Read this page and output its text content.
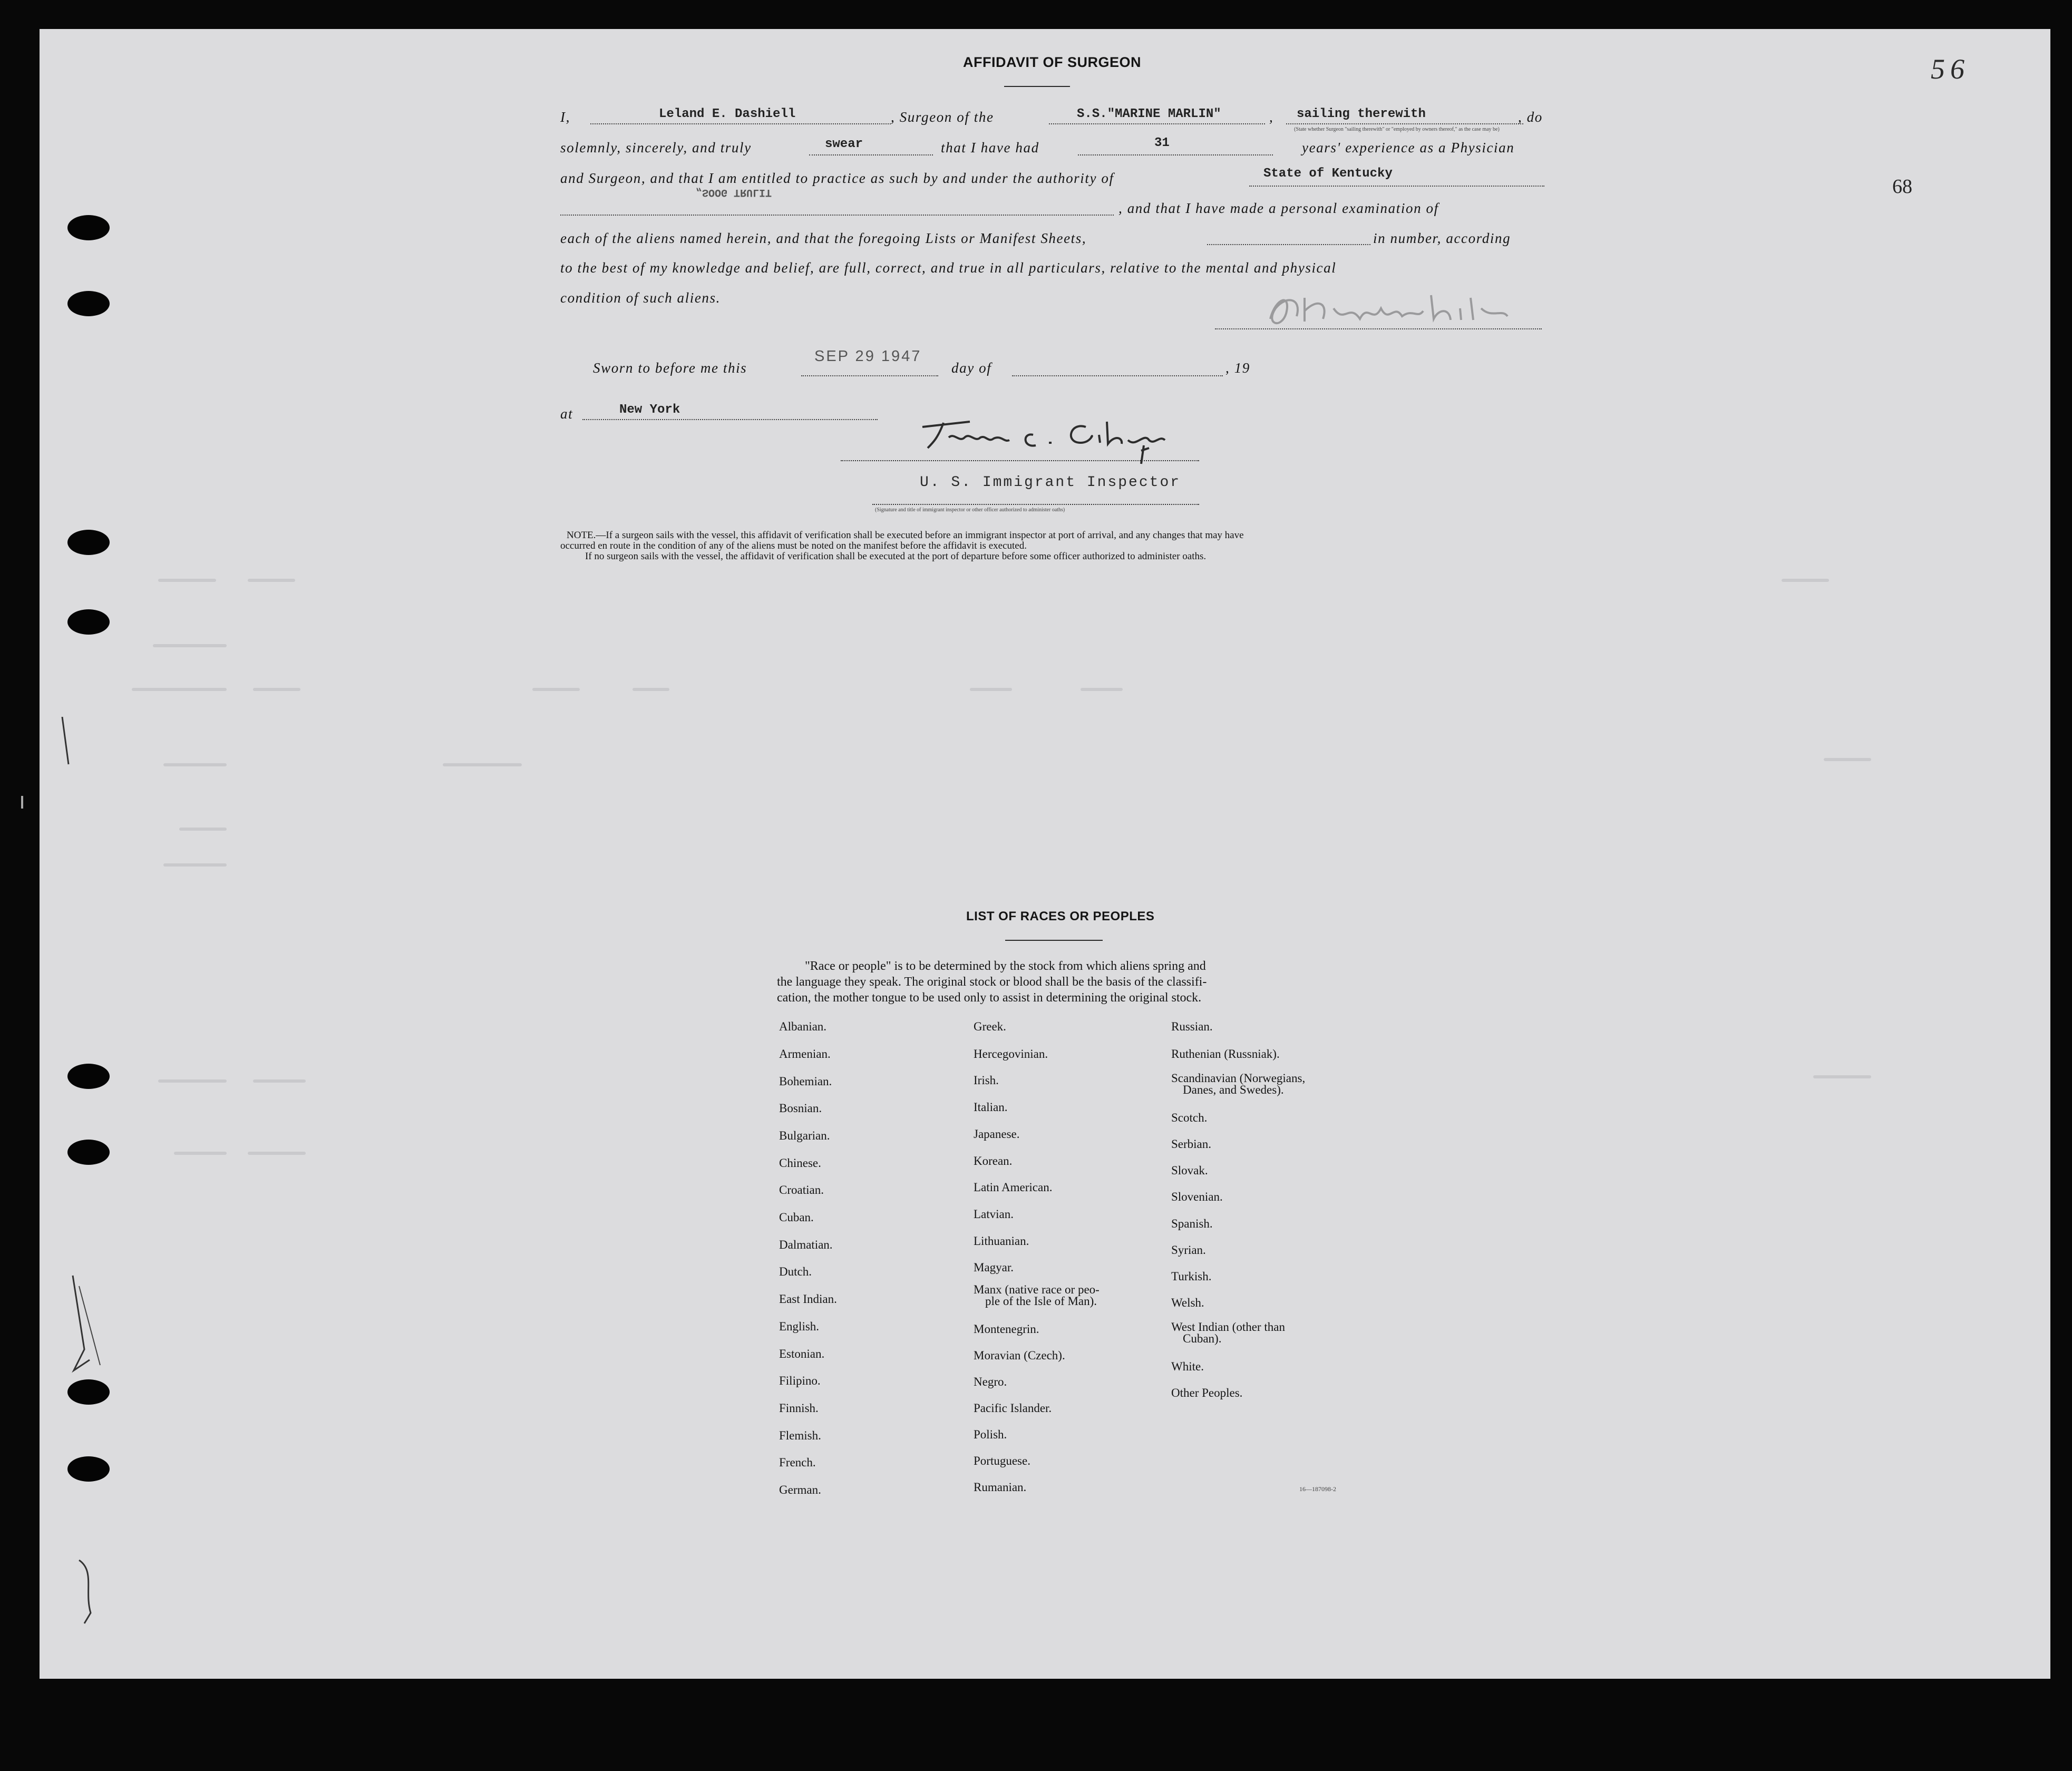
AFFIDAVIT OF SURGEON	56
68
I,	Leland E. Dashiell	, Surgeon of the	S.S."MARINE MARLIN"	, sailing therewith	, do
(State whether Surgeon "sailing therewith" or "employed by owners thereof," as the case may be)
solemnly, sincerely, and truly	swear	that I have had	31	years' experience as a Physician
and Surgeon, and that I am entitled to practice as such by and under the authority of	State of Kentucky
„SOOG TRULIT
, and that I have made a personal examination of
each of the aliens named herein, and that the foregoing Lists or Manifest Sheets,	in number, according
to the best of my knowledge and belief, are full, correct, and true in all particulars, relative to the mental and physical
condition of such aliens.
Sworn to before me this
SEP 29 1947
day of	, 19
at	New York
U. S. Immigrant Inspector
(Signature and title of immigrant inspector or other officer authorized to administer oaths)
NOTE.—If a surgeon sails with the vessel, this affidavit of verification shall be executed before an immigrant inspector at port of arrival, and any changes that may have
occurred en route in the condition of any of the aliens must be noted on the manifest before the affidavit is executed.
If no surgeon sails with the vessel, the affidavit of verification shall be executed at the port of departure before some officer authorized to administer oaths.
LIST OF RACES OR PEOPLES
"Race or people" is to be determined by the stock from which aliens spring and
the language they speak. The original stock or blood shall be the basis of the classifi-
cation, the mother tongue to be used only to assist in determining the original stock.
Albanian.
Armenian.
Bohemian.
Bosnian.
Bulgarian.
Chinese.
Croatian.
Cuban.
Dalmatian.
Dutch.
East Indian.
English.
Estonian.
Filipino.
Finnish.
Flemish.
French.
German.
Greek.
Hercegovinian.
Irish.
Italian.
Japanese.
Korean.
Latin American.
Latvian.
Lithuanian.
Magyar.
Manx (native race or peo-
ple of the Isle of Man).
Montenegrin.
Moravian (Czech).
Negro.
Pacific Islander.
Polish.
Portuguese.
Rumanian.
Russian.
Ruthenian (Russniak).
Scandinavian (Norwegians,
Danes, and Swedes).
Scotch.
Serbian.
Slovak.
Slovenian.
Spanish.
Syrian.
Turkish.
Welsh.
West Indian (other than
Cuban).
White.
Other Peoples.
16—187098-2
